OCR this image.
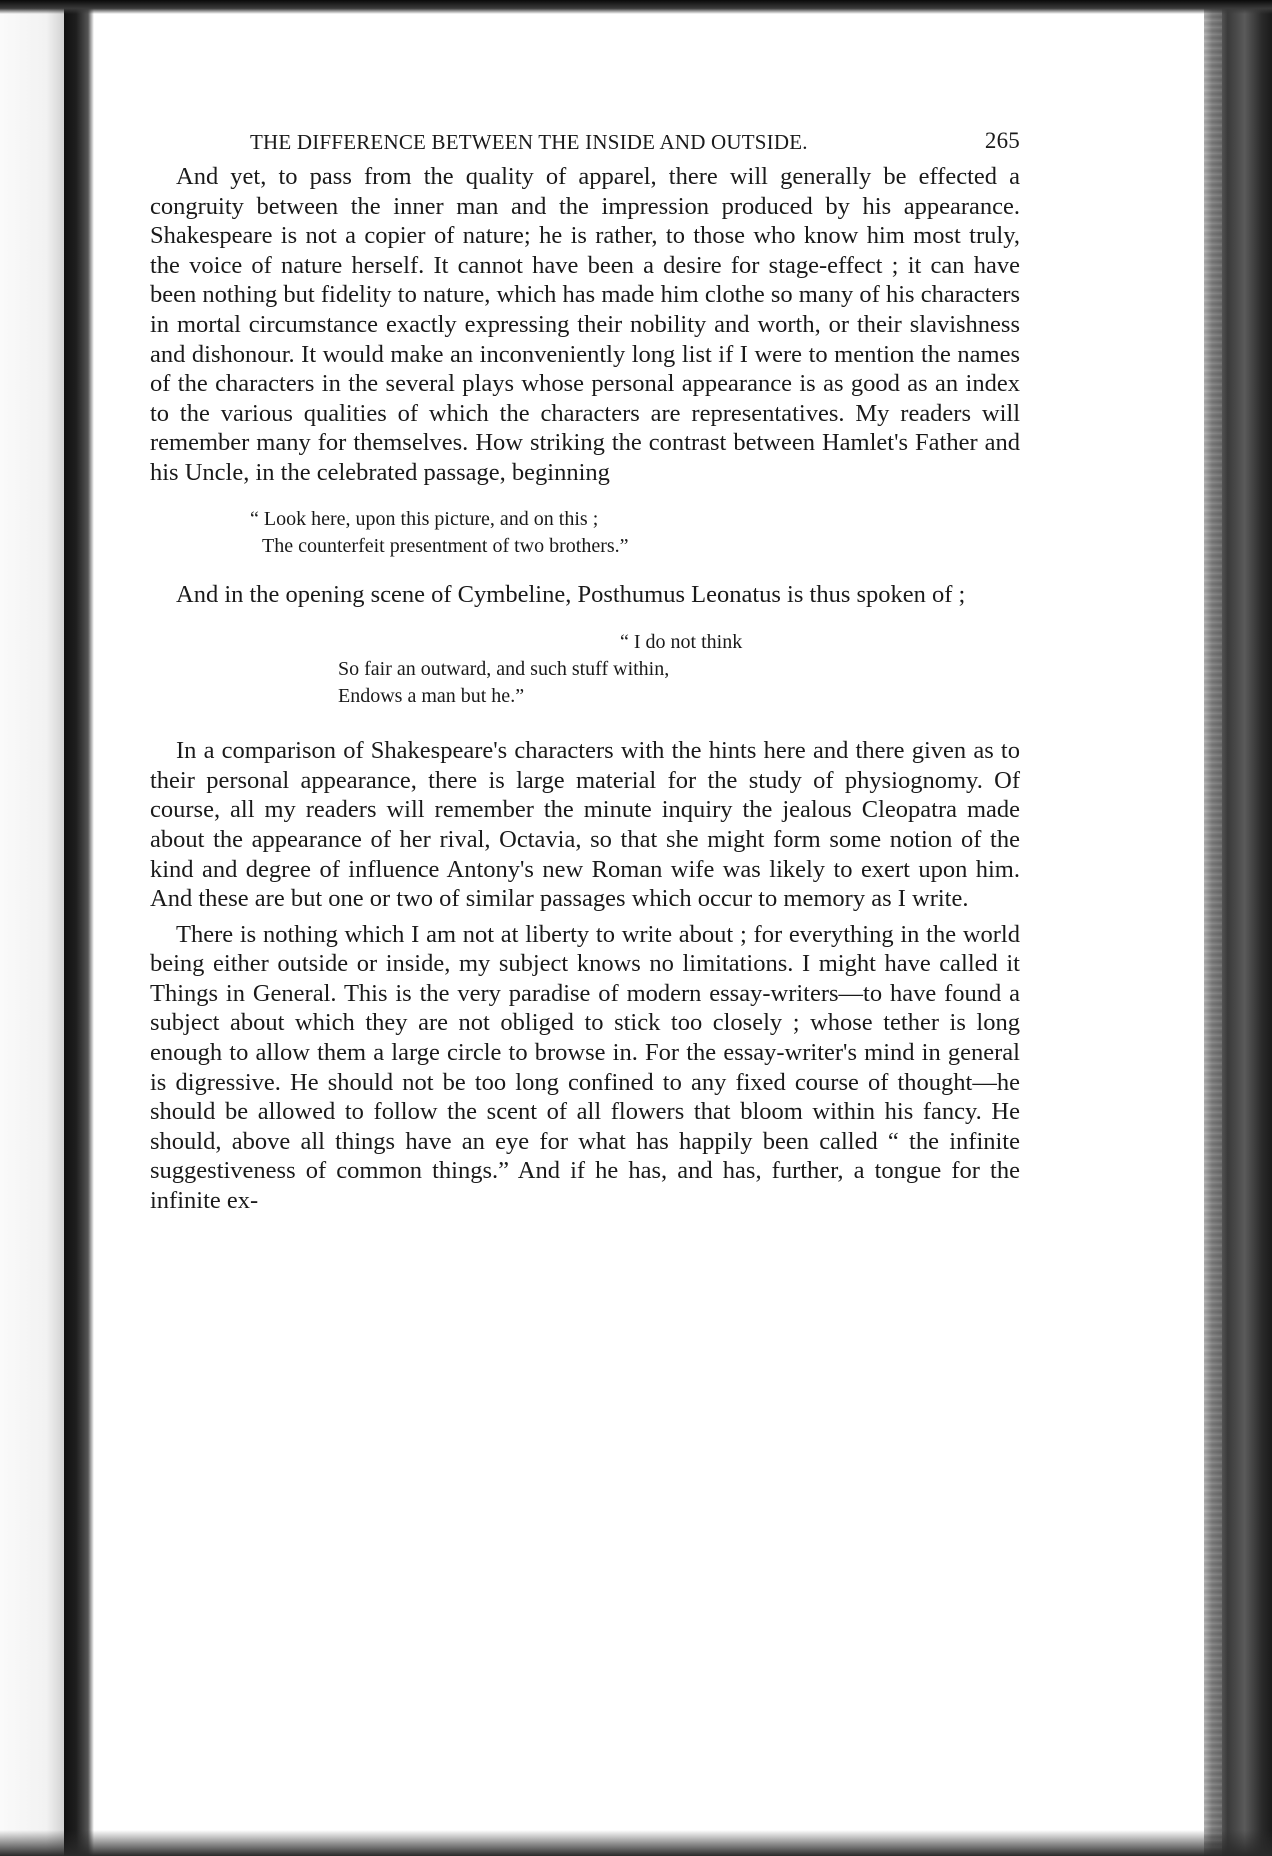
THE DIFFERENCE BETWEEN THE INSIDE AND OUTSIDE.	265

And yet, to pass from the quality of apparel, there will generally be effected a congruity between the inner man and the impression produced by his appearance. Shakespeare is not a copier of nature; he is rather, to those who know him most truly, the voice of nature herself. It cannot have been a desire for stage-effect ; it can have been nothing but fidelity to nature, which has made him clothe so many of his characters in mortal circumstance exactly expressing their nobility and worth, or their slavishness and dishonour. It would make an inconveniently long list if I were to mention the names of the characters in the several plays whose personal appearance is as good as an index to the various qualities of which the characters are representatives. My readers will remember many for themselves. How striking the contrast between Hamlet's Father and his Uncle, in the celebrated passage, beginning

“ Look here, upon this picture, and on this ;
The counterfeit presentment of two brothers.”

And in the opening scene of Cymbeline, Posthumus Leonatus is thus spoken of ;

“ I do not think
So fair an outward, and such stuff within,
Endows a man but he.”

In a comparison of Shakespeare's characters with the hints here and there given as to their personal appearance, there is large material for the study of physiognomy. Of course, all my readers will remember the minute inquiry the jealous Cleopatra made about the appearance of her rival, Octavia, so that she might form some notion of the kind and degree of influence Antony's new Roman wife was likely to exert upon him. And these are but one or two of similar passages which occur to memory as I write.

There is nothing which I am not at liberty to write about ; for everything in the world being either outside or inside, my subject knows no limitations. I might have called it Things in General. This is the very paradise of modern essay-writers—to have found a subject about which they are not obliged to stick too closely ; whose tether is long enough to allow them a large circle to browse in. For the essay-writer's mind in general is digressive. He should not be too long confined to any fixed course of thought—he should be allowed to follow the scent of all flowers that bloom within his fancy. He should, above all things have an eye for what has happily been called “ the infinite suggestiveness of common things.” And if he has, and has, further, a tongue for the infinite ex-
